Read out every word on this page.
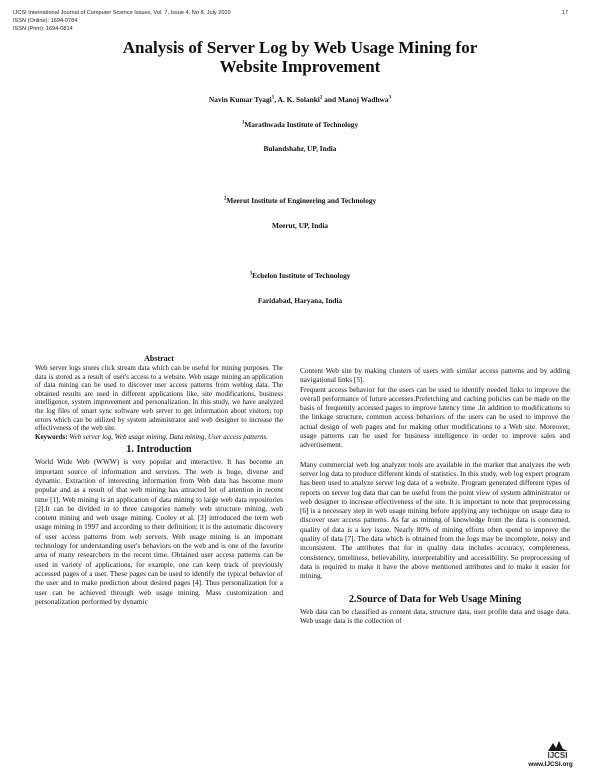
IJCSI International Journal of Computer Science Issues, Vol. 7, Issue 4, No 8, July 2010
ISSN (Online): 1694-0784
ISSN (Print): 1694-0814
17
Analysis of Server Log by Web Usage Mining for
Website Improvement
Navin Kumar Tyagi$^1$, A. K. Solanki$^2$ and Manoj Wadhwa$^3$
$^1$Marathwada Institute of Technology
Bulandshahr, UP, India
$^2$Meerut Institute of Engineering and Technology
Meerut, UP, India
$^3$Echelon Institute of Technology
Faridabad, Haryana, India
Abstract

Web server logs stores click stream data which can be useful for mining purposes. The data is stored as a result of user's access to a website. Web usage mining an application of data mining can be used to discover user access patterns from weblog data. The obtained results are used in different applications like, site modifications, business intelligence, system improvement and personalization. In this study, we have analyzed the log files of smart sync software web server to get information about visitors; top errors which can be utilized by system administrator and web designer to increase the effectiveness of the web site.

Keywords: Web server log, Web usage mining, Data mining, User access patterns.

1. Introduction

World Wide Web (WWW) is very popular and interactive. It has become an important source of information and services. The web is huge, diverse and dynamic. Extraction of interesting information from Web data has become more popular and as a result of that web mining has attracted lot of attention in recent time [1]. Web mining is an application of data mining to large web data repositories [2].It can be divided in to three categories namely web structure mining, web content mining and web usage mining. Cooley et al. [3] introduced the term web usage mining in 1997 and according to their definition; it is the automatic discovery of user access patterns from web servers. Web usage mining is an important technology for understanding user's behaviors on the web and is one of the favorite area of many researchers in the recent time. Obtained user access patterns can be used in variety of applications, for example, one can keep track of previously accessed pages of a user. These pages can be used to identify the typical behavior of the user and to make prediction about desired pages [4]. Thus personalization for a user can be achieved through web usage mining. Mass customization and personalization performed by dynamic

Content Web site by making clusters of users with similar access patterns and by adding navigational links [5].

Frequent access behavior for the users can be used to identify needed links to improve the overall performance of future accesses.Prefetching and caching policies can be made on the basis of frequently accessed pages to improve latency time .In addition to modifications to the linkage structure, common access behaviors of the users can be used to improve the actual design of web pages and for making other modifications to a Web site. Moreover, usage patterns can be used for business intelligence in order to improve sales and advertisement.

Many commercial web log analyzer tools are available in the market that analyzes the web server log data to produce different kinds of statistics. In this study, web log expert program has been used to analyze server log data of a website. Program generated different types of reports on server log data that can be useful from the point view of system administrator or web designer to increase effectiveness of the site. It is important to note that preprocessing [6] is a necessary step in web usage mining before applying any technique on usage data to discover user access patterns. As far as mining of knowledge from the data is concerned, quality of data is a key issue. Nearly 80% of mining efforts often spend to improve the quality of data [7]. The data which is obtained from the logs may be incomplete, noisy and inconsistent. The attributes that for in quality data includes accuracy, completeness, consistency, timeliness, believability, interpretability and accessibility. So preprocessing of data is required to make it have the above mentioned attributes and to make it easier for mining.

2.Source of Data for Web Usage Mining

Web data can be classified as content data, structure data, user profile data and usage data. Web usage data is the collection of

IJCSI
www.IJCSI.org
